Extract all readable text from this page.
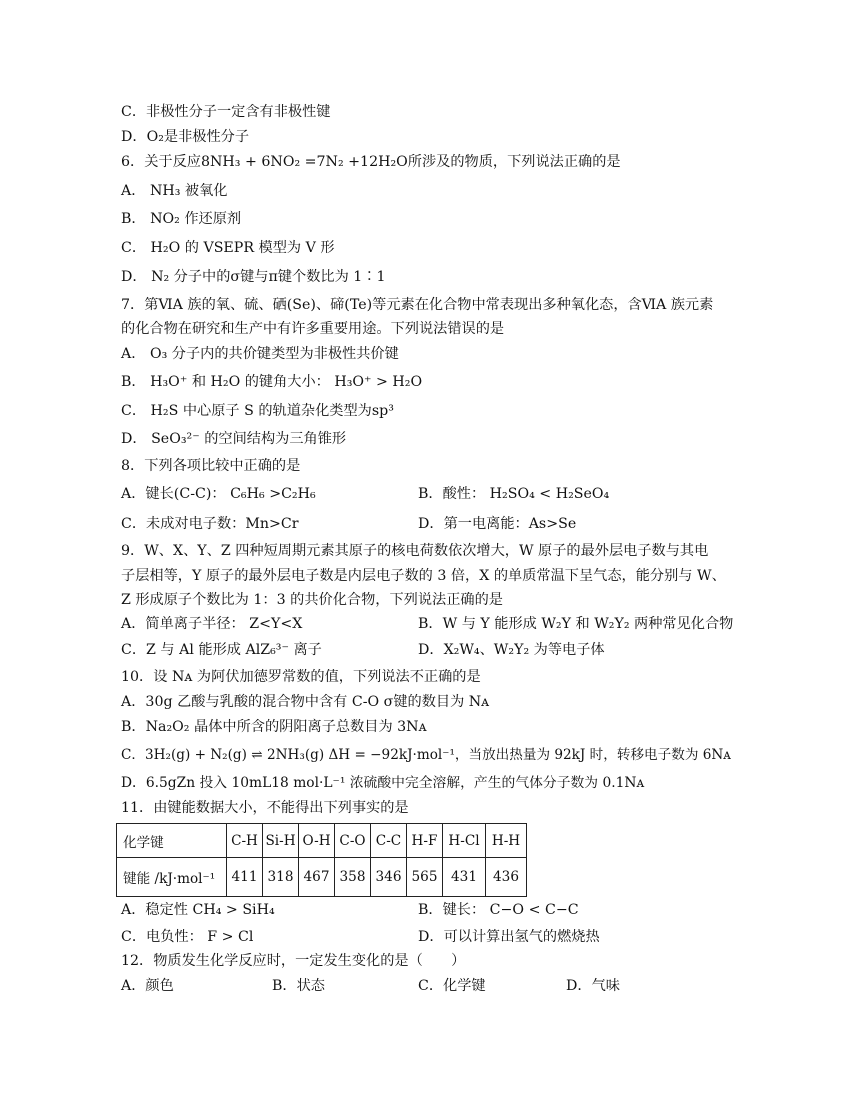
C．非极性分子一定含有非极性键
D．O₂是非极性分子
6．关于反应8NH₃ + 6NO₂ =7N₂ +12H₂O所涉及的物质，下列说法正确的是
A． NH₃ 被氧化
B． NO₂ 作还原剂
C． H₂O 的 VSEPR 模型为 V 形
D． N₂ 分子中的σ键与π键个数比为 1∶1
7．第ⅥA 族的氧、硫、硒(Se)、碲(Te)等元素在化合物中常表现出多种氧化态，含ⅥA 族元素
的化合物在研究和生产中有许多重要用途。下列说法错误的是
A． O₃ 分子内的共价键类型为非极性共价键
B． H₃O⁺ 和 H₂O 的键角大小： H₃O⁺ > H₂O
C． H₂S 中心原子 S 的轨道杂化类型为sp³
D． SeO₃²⁻ 的空间结构为三角锥形
8．下列各项比较中正确的是
A．键长(C-C)： C₆H₆ >C₂H₆	B．酸性： H₂SO₄ < H₂SeO₄
C．未成对电子数：Mn>Cr	D．第一电离能：As>Se
9．W、X、Y、Z 四种短周期元素其原子的核电荷数依次增大，W 原子的最外层电子数与其电
子层相等，Y 原子的最外层电子数是内层电子数的 3 倍，X 的单质常温下呈气态，能分别与 W、
Z 形成原子个数比为 1：3 的共价化合物，下列说法正确的是
A．简单离子半径： Z<Y<X	B．W 与 Y 能形成 W₂Y 和 W₂Y₂ 两种常见化合物
C．Z 与 Al 能形成 AlZ₆³⁻ 离子	D．X₂W₄、W₂Y₂ 为等电子体
10．设 Nᴀ 为阿伏加德罗常数的值，下列说法不正确的是
A．30g 乙酸与乳酸的混合物中含有 C-O σ键的数目为 Nᴀ
B．Na₂O₂ 晶体中所含的阴阳离子总数目为 3Nᴀ
C．3H₂(g) + N₂(g) ⇌ 2NH₃(g) ΔH = −92kJ·mol⁻¹，当放出热量为 92kJ 时，转移电子数为 6Nᴀ
D．6.5gZn 投入 10mL18 mol·L⁻¹ 浓硫酸中完全溶解，产生的气体分子数为 0.1Nᴀ
11．由键能数据大小，不能得出下列事实的是
化学键	C-H	Si-H	O-H	C-O	C-C	H-F	H-Cl	H-H
键能 /kJ·mol⁻¹	411	318	467	358	346	565	431	436
A．稳定性 CH₄ > SiH₄	B．键长： C−O < C−C
C．电负性： F > Cl	D．可以计算出氢气的燃烧热
12．物质发生化学反应时，一定发生变化的是（　　）
A．颜色	B．状态	C．化学键	D．气味
